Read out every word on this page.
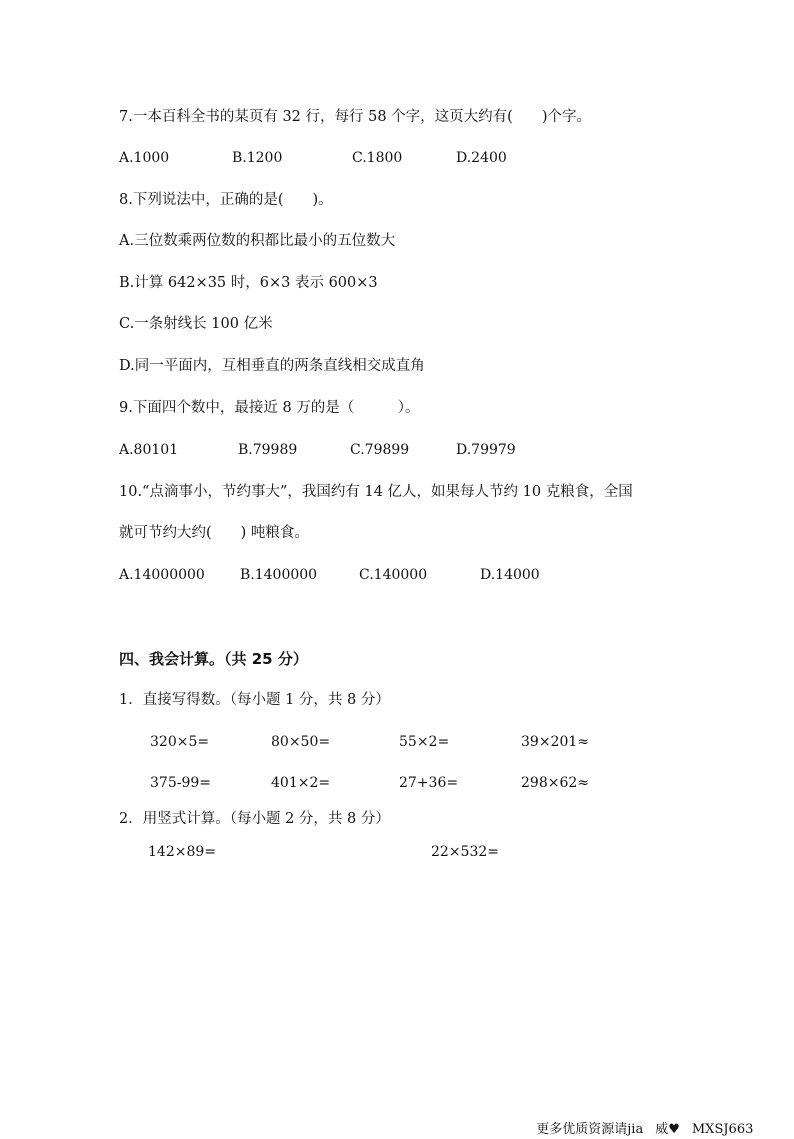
7.一本百科全书的某页有 32 行，每行 58 个字，这页大约有(　　)个字。
A.1000	B.1200	C.1800	D.2400
8.下列说法中，正确的是(　　)。
A.三位数乘两位数的积都比最小的五位数大
B.计算 642×35 时，6×3 表示 600×3
C.一条射线长 100 亿米
D.同一平面内，互相垂直的两条直线相交成直角
9.下面四个数中，最接近 8 万的是（　　　）。
A.80101	B.79989	C.79899	D.79979
10.“点滴事小，节约事大”，我国约有 14 亿人，如果每人节约 10 克粮食，全国
就可节约大约(　　) 吨粮食。
A.14000000	B.1400000	C.140000	D.14000
四、我会计算。（共 25 分）
1．直接写得数。（每小题 1 分，共 8 分）
320×5=	80×50=	55×2=	39×201≈
375-99=	401×2=	27+36=	298×62≈
2．用竖式计算。（每小题 2 分，共 8 分）
142×89=	22×532=

更多优质资源请jia 威♥ MXSJ663
